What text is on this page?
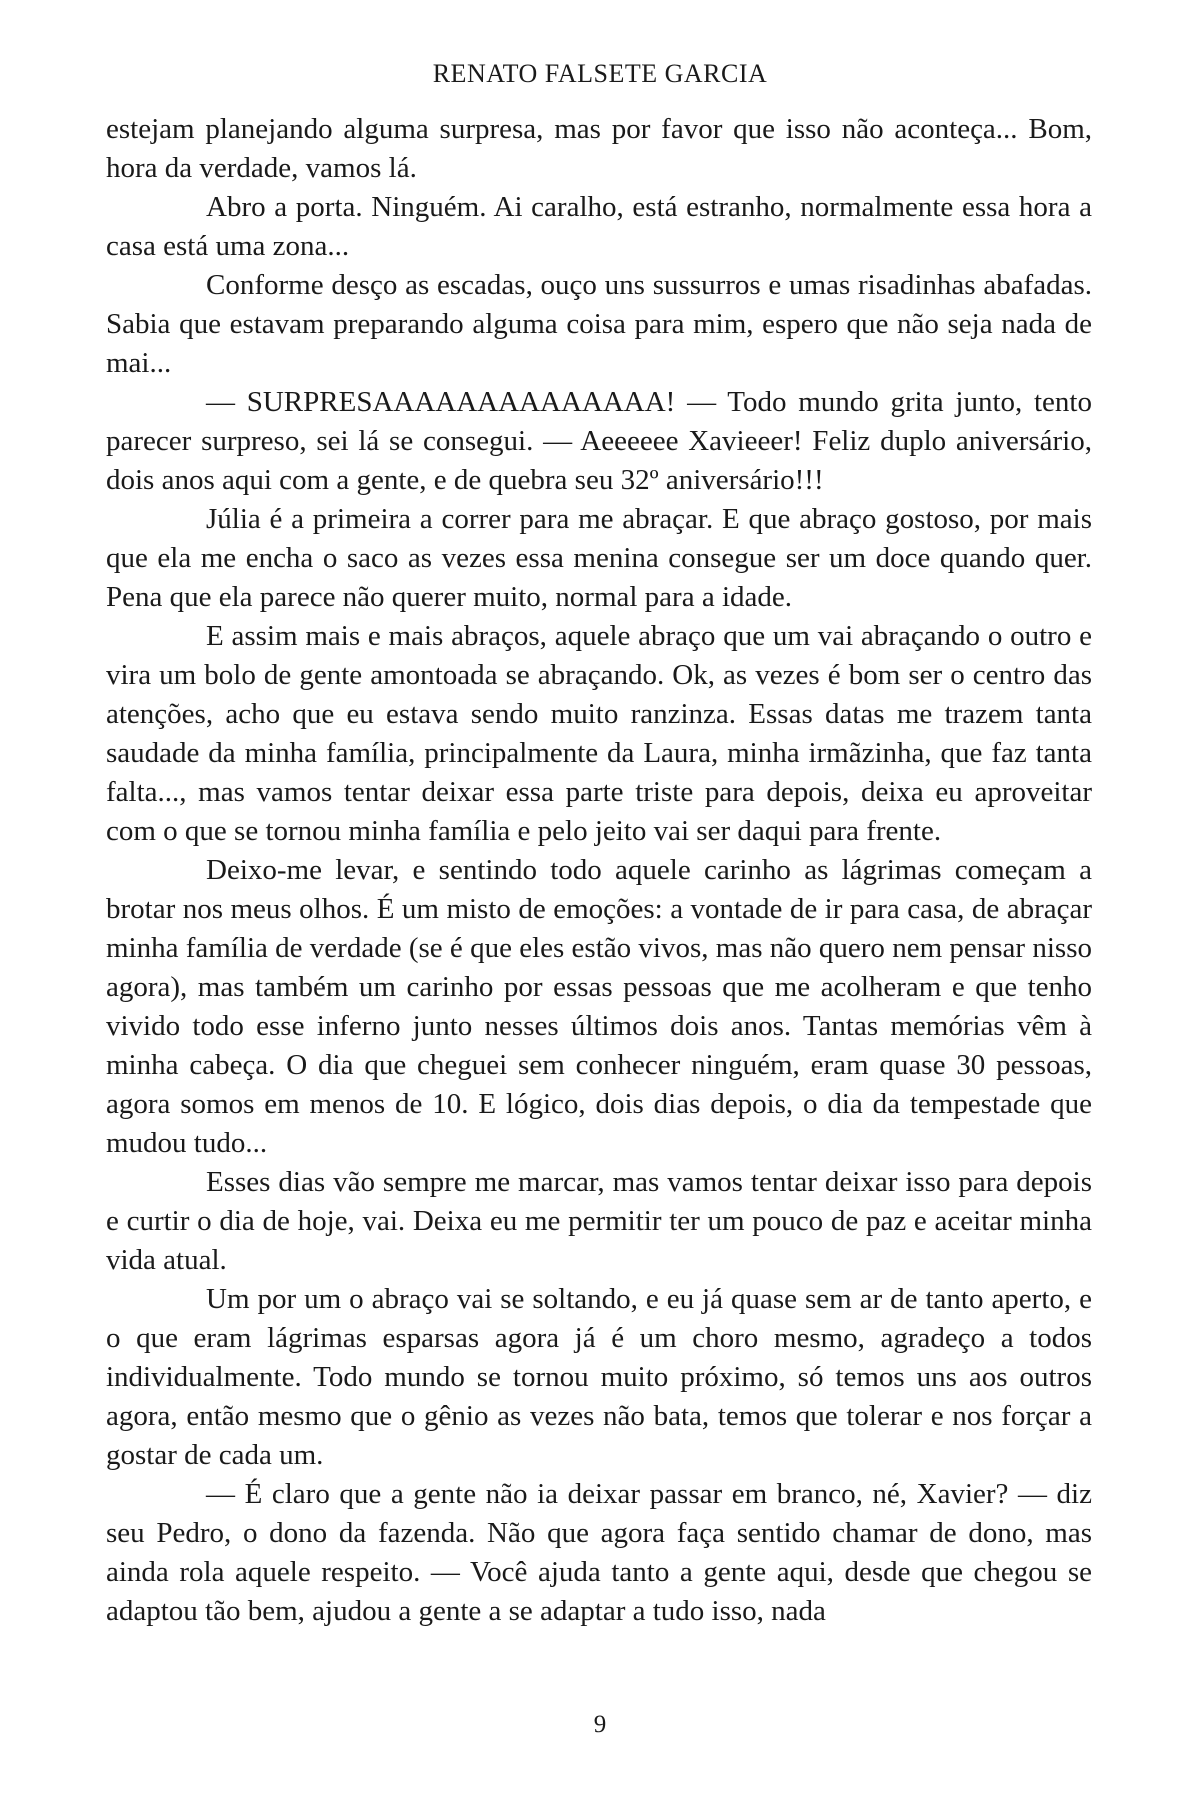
RENATO FALSETE GARCIA

estejam planejando alguma surpresa, mas por favor que isso não aconteça... Bom, hora da verdade, vamos lá.

Abro a porta. Ninguém. Ai caralho, está estranho, normalmente essa hora a casa está uma zona...

Conforme desço as escadas, ouço uns sussurros e umas risadinhas abafadas. Sabia que estavam preparando alguma coisa para mim, espero que não seja nada de mai...

— SURPRESAAAAAAAAAAAAAA! — Todo mundo grita junto, tento parecer surpreso, sei lá se consegui. — Aeeeeee Xavieeer! Feliz duplo aniversário, dois anos aqui com a gente, e de quebra seu 32º aniversário!!!

Júlia é a primeira a correr para me abraçar. E que abraço gostoso, por mais que ela me encha o saco as vezes essa menina consegue ser um doce quando quer. Pena que ela parece não querer muito, normal para a idade.

E assim mais e mais abraços, aquele abraço que um vai abraçando o outro e vira um bolo de gente amontoada se abraçando. Ok, as vezes é bom ser o centro das atenções, acho que eu estava sendo muito ranzinza. Essas datas me trazem tanta saudade da minha família, principalmente da Laura, minha irmãzinha, que faz tanta falta..., mas vamos tentar deixar essa parte triste para depois, deixa eu aproveitar com o que se tornou minha família e pelo jeito vai ser daqui para frente.

Deixo-me levar, e sentindo todo aquele carinho as lágrimas começam a brotar nos meus olhos. É um misto de emoções: a vontade de ir para casa, de abraçar minha família de verdade (se é que eles estão vivos, mas não quero nem pensar nisso agora), mas também um carinho por essas pessoas que me acolheram e que tenho vivido todo esse inferno junto nesses últimos dois anos. Tantas memórias vêm à minha cabeça. O dia que cheguei sem conhecer ninguém, eram quase 30 pessoas, agora somos em menos de 10. E lógico, dois dias depois, o dia da tempestade que mudou tudo...

Esses dias vão sempre me marcar, mas vamos tentar deixar isso para depois e curtir o dia de hoje, vai. Deixa eu me permitir ter um pouco de paz e aceitar minha vida atual.

Um por um o abraço vai se soltando, e eu já quase sem ar de tanto aperto, e o que eram lágrimas esparsas agora já é um choro mesmo, agradeço a todos individualmente. Todo mundo se tornou muito próximo, só temos uns aos outros agora, então mesmo que o gênio as vezes não bata, temos que tolerar e nos forçar a gostar de cada um.

— É claro que a gente não ia deixar passar em branco, né, Xavier? — diz seu Pedro, o dono da fazenda. Não que agora faça sentido chamar de dono, mas ainda rola aquele respeito. — Você ajuda tanto a gente aqui, desde que chegou se adaptou tão bem, ajudou a gente a se adaptar a tudo isso, nada

9
